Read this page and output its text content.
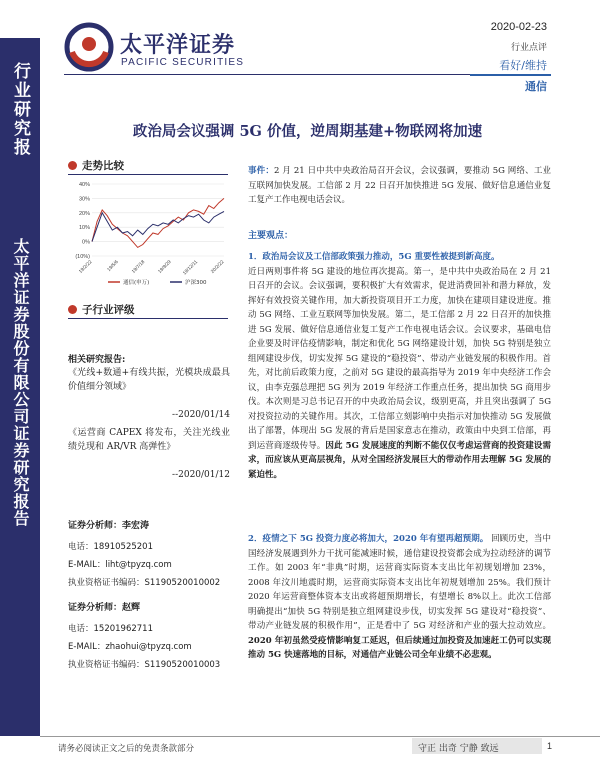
行业研究报
太平洋证券股份有限公司证券研究报告
太平洋证券
PACIFIC SECURITIES
2020-02-23
行业点评
看好/维持
通信
政治局会议强调 5G 价值，逆周期基建+物联网将加速
走势比较
40%
30%
20%
10%
0%
(10%)
19/2/22	19/5/6 19/7/18 19/9/29 19/12/11 20/2/22
通信(申万)	沪深300
子行业评级
相关研究报告:
《光线+数通+有线共振，光模块成最具价值细分领域》
--2020/01/14
《运营商 CAPEX 将发布，关注光线业绩兑现和 AR/VR 高弹性》
--2020/01/12
证券分析师：李宏涛
电话：18910525201
E-MAIL：liht@tpyzq.com
执业资格证书编码：S1190520010002
证券分析师：赵辉
电话：15201962711
E-MAIL：zhaohui@tpyzq.com
执业资格证书编码：S1190520010003
事件：2 月 21 日中共中央政治局召开会议，会议强调，要推动 5G 网络、工业互联网加快发展。工信部 2 月 22 日召开加快推进 5G 发展、做好信息通信业复工复产工作电视电话会议。
主要观点：
1．政治局会议及工信部政策强力推动，5G 重要性被提到新高度。
近日两则事件将 5G 建设的地位再次提高。第一，是中共中央政治局在 2 月 21 日召开的会议。会议强调，要积极扩大有效需求，促进消费回补和潜力释放，发挥好有效投资关键作用，加大新投资项目开工力度，加快在建项目建设进度。推动 5G 网络、工业互联网等加快发展。第二，是工信部 2 月 22 日召开的加快推进 5G 发展、做好信息通信业复工复产工作电视电话会议。会议要求，基础电信企业要及时评估疫情影响，制定和优化 5G 网络建设计划，加快 5G 特别是独立组网建设步伐，切实发挥 5G 建设的“稳投资”、带动产业链发展的积极作用。首先，对比前后政策力度，之前对 5G 建设的最高指导为 2019 年中央经济工作会议，由李克强总理把 5G 列为 2019 年经济工作重点任务，提出加快 5G 商用步伐。本次则是习总书记召开的中央政治局会议，级别更高，并且突出强调了 5G 对投资拉动的关键作用。其次，工信部立刻影响中央指示对加快推动 5G 发展做出了部署，体现出 5G 发展的背后是国家意志在推动，政策由中央到工信部，再到运营商逐级传导。因此 5G 发展速度的判断不能仅仅考虑运营商的投资建设需求，而应该从更高层视角，从对全国经济发展巨大的带动作用去理解 5G 发展的紧迫性。
2．疫情之下 5G 投资力度必将加大，2020 年有望再超预期。 回顾历史，当中国经济发展遇到外力干扰可能减速时候，通信建设投资都会成为拉动经济的调节工作。如 2003 年“非典”时期，运营商实际资本支出比年初规划增加 23%，2008 年汶川地震时期，运营商实际资本支出比年初规划增加 25%。我们预计 2020 年运营商整体资本支出或将超预期增长，有望增长 8%以上。此次工信部明确提出“加快 5G 特别是独立组网建设步伐，切实发挥 5G 建设对“稳投资”、带动产业链发展的积极作用”，正是看中了 5G 对经济和产业的强大拉动效应。2020 年初虽然受疫情影响复工延迟，但后续通过加投资及加速赶工仍可以实现推动 5G 快速落地的目标，对通信产业链公司全年业绩不必悲观。
请务必阅读正文之后的免责条款部分	守正 出奇 宁静 致远	1
